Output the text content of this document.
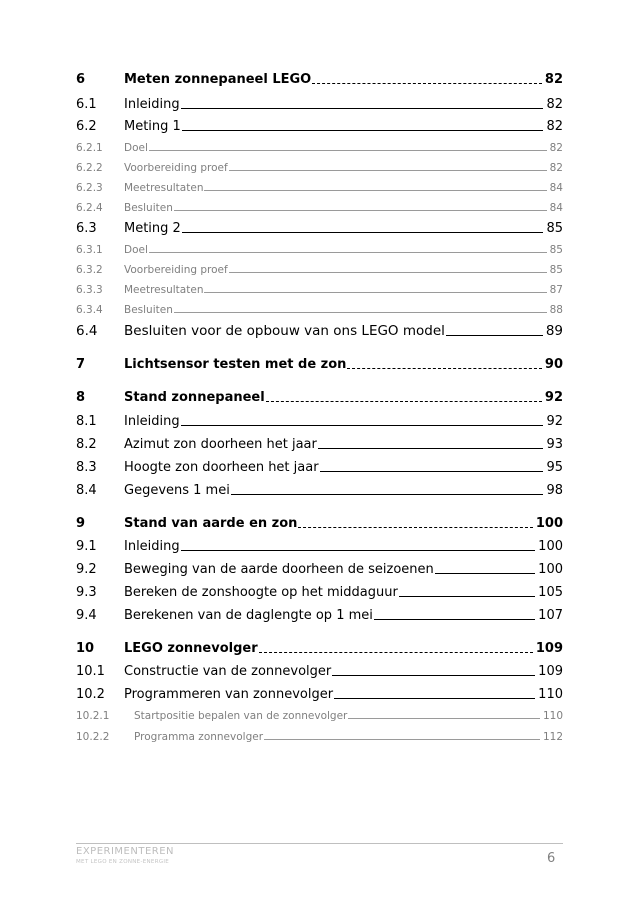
6	Meten zonnepaneel LEGO	82
6.1	Inleiding	82
6.2	Meting 1	82
6.2.1	Doel	82
6.2.2	Voorbereiding proef	82
6.2.3	Meetresultaten	84
6.2.4	Besluiten	84
6.3	Meting 2	85
6.3.1	Doel	85
6.3.2	Voorbereiding proef	85
6.3.3	Meetresultaten	87
6.3.4	Besluiten	88
6.4	Besluiten voor de opbouw van ons LEGO model	89
7	Lichtsensor testen met de zon	90
8	Stand zonnepaneel	92
8.1	Inleiding	92
8.2	Azimut zon doorheen het jaar	93
8.3	Hoogte zon doorheen het jaar	95
8.4	Gegevens 1 mei	98
9	Stand van aarde en zon	100
9.1	Inleiding	100
9.2	Beweging van de aarde doorheen de seizoenen	100
9.3	Bereken de zonshoogte op het middaguur	105
9.4	Berekenen van de daglengte op 1 mei	107
10	LEGO zonnevolger	109
10.1	Constructie van de zonnevolger	109
10.2	Programmeren van zonnevolger	110
10.2.1	Startpositie bepalen van de zonnevolger	110
10.2.2	Programma zonnevolger	112
EXPERIMENTEREN
MET LEGO EN ZONNE-ENERGIE	6
